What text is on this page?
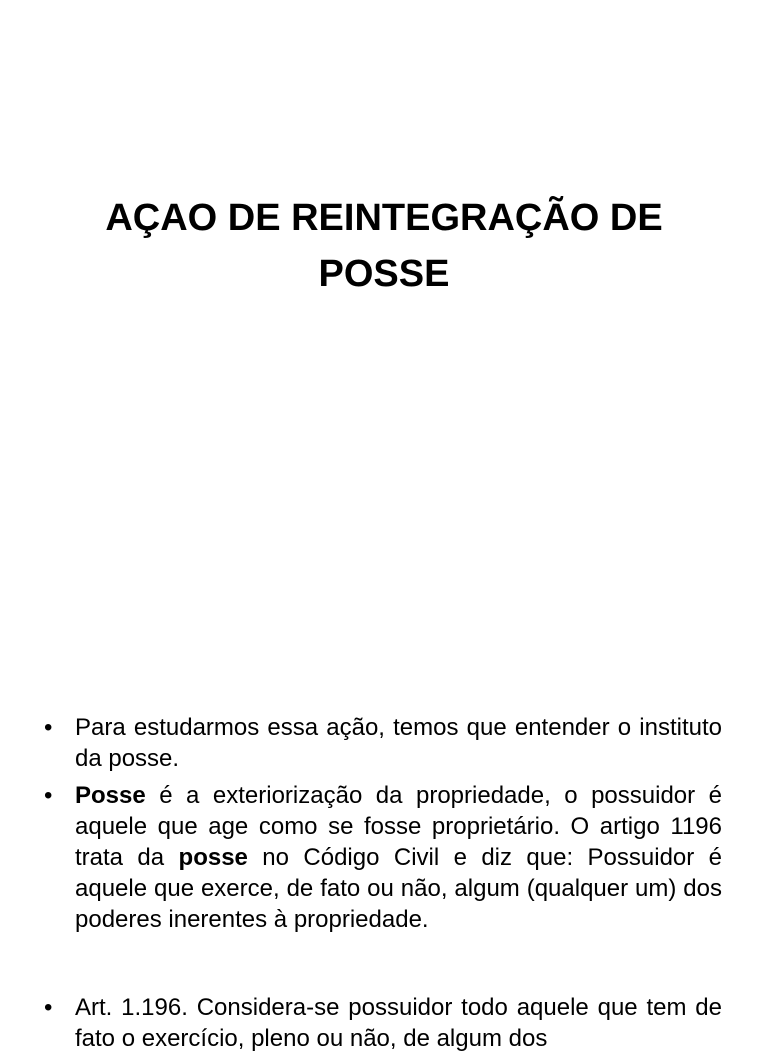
AÇAO DE REINTEGRAÇÃO DE
POSSE
• Para estudarmos essa ação, temos que entender o instituto da posse.
• Posse é a exteriorização da propriedade, o possuidor é aquele que age como se fosse proprietário. O artigo 1196 trata da posse no Código Civil e diz que: Possuidor é aquele que exerce, de fato ou não, algum (qualquer um) dos poderes inerentes à propriedade.
• Art. 1.196. Considera-se possuidor todo aquele que tem de fato o exercício, pleno ou não, de algum dos
